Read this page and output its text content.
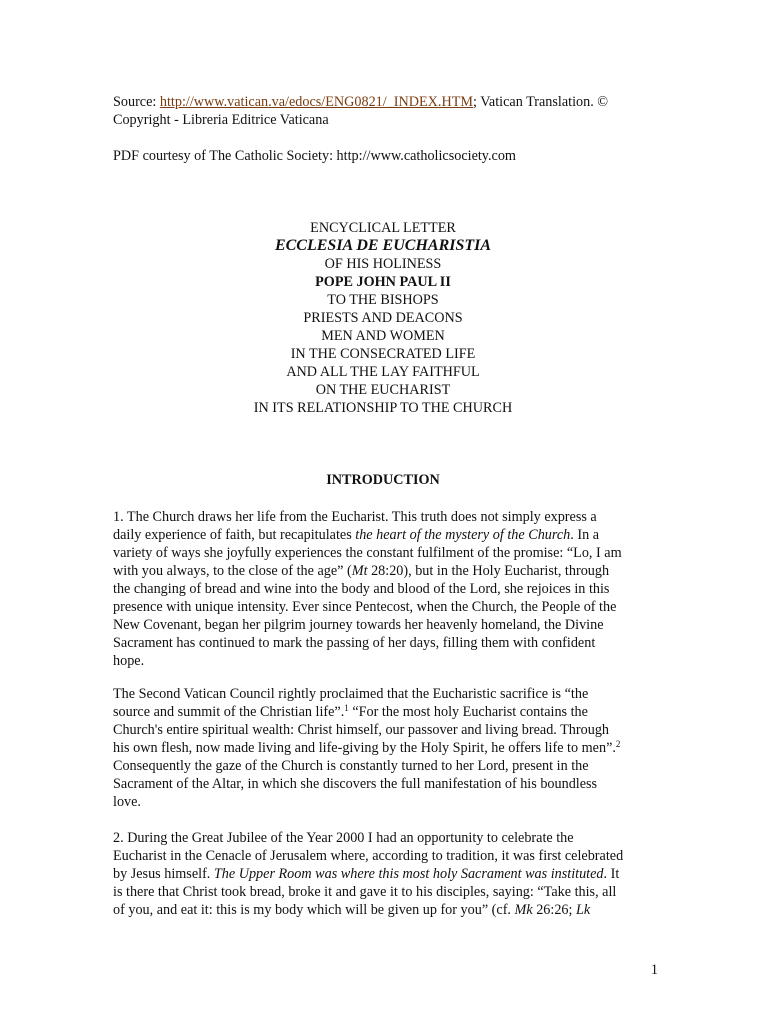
Source: http://www.vatican.va/edocs/ENG0821/_INDEX.HTM; Vatican Translation. ©
Copyright - Libreria Editrice Vaticana
PDF courtesy of The Catholic Society: http://www.catholicsociety.com
ENCYCLICAL LETTER
ECCLESIA DE EUCHARISTIA
OF HIS HOLINESS
POPE JOHN PAUL II
TO THE BISHOPS
PRIESTS AND DEACONS
MEN AND WOMEN
IN THE CONSECRATED LIFE
AND ALL THE LAY FAITHFUL
ON THE EUCHARIST
IN ITS RELATIONSHIP TO THE CHURCH
INTRODUCTION
1. The Church draws her life from the Eucharist. This truth does not simply express a
daily experience of faith, but recapitulates the heart of the mystery of the Church. In a
variety of ways she joyfully experiences the constant fulfilment of the promise: “Lo, I am
with you always, to the close of the age” (Mt 28:20), but in the Holy Eucharist, through
the changing of bread and wine into the body and blood of the Lord, she rejoices in this
presence with unique intensity. Ever since Pentecost, when the Church, the People of the
New Covenant, began her pilgrim journey towards her heavenly homeland, the Divine
Sacrament has continued to mark the passing of her days, filling them with confident
hope.
The Second Vatican Council rightly proclaimed that the Eucharistic sacrifice is “the
source and summit of the Christian life”.$^1$ “For the most holy Eucharist contains the
Church's entire spiritual wealth: Christ himself, our passover and living bread. Through
his own flesh, now made living and life-giving by the Holy Spirit, he offers life to men”.$^2$
Consequently the gaze of the Church is constantly turned to her Lord, present in the
Sacrament of the Altar, in which she discovers the full manifestation of his boundless
love.
2. During the Great Jubilee of the Year 2000 I had an opportunity to celebrate the
Eucharist in the Cenacle of Jerusalem where, according to tradition, it was first celebrated
by Jesus himself. The Upper Room was where this most holy Sacrament was instituted. It
is there that Christ took bread, broke it and gave it to his disciples, saying: “Take this, all
of you, and eat it: this is my body which will be given up for you” (cf. Mk 26:26; Lk
1
